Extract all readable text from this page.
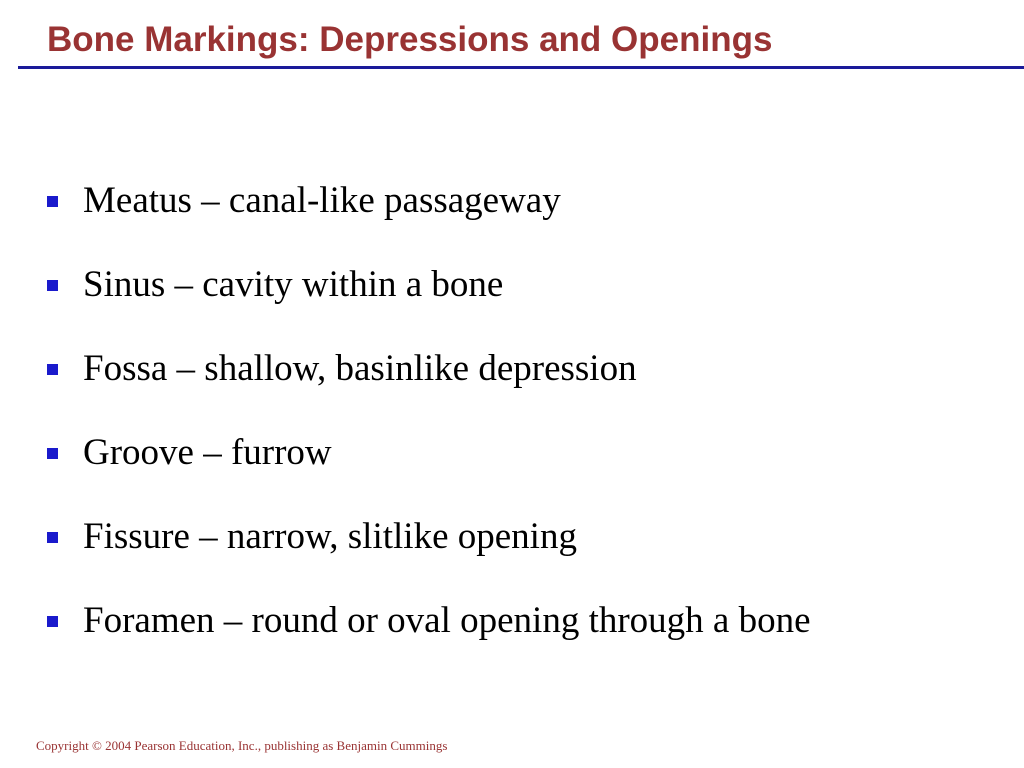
Bone Markings: Depressions and Openings
Meatus – canal-like passageway
Sinus – cavity within a bone
Fossa – shallow, basinlike depression
Groove – furrow
Fissure – narrow, slitlike opening
Foramen – round or oval opening through a bone
Copyright © 2004 Pearson Education, Inc., publishing as Benjamin Cummings
